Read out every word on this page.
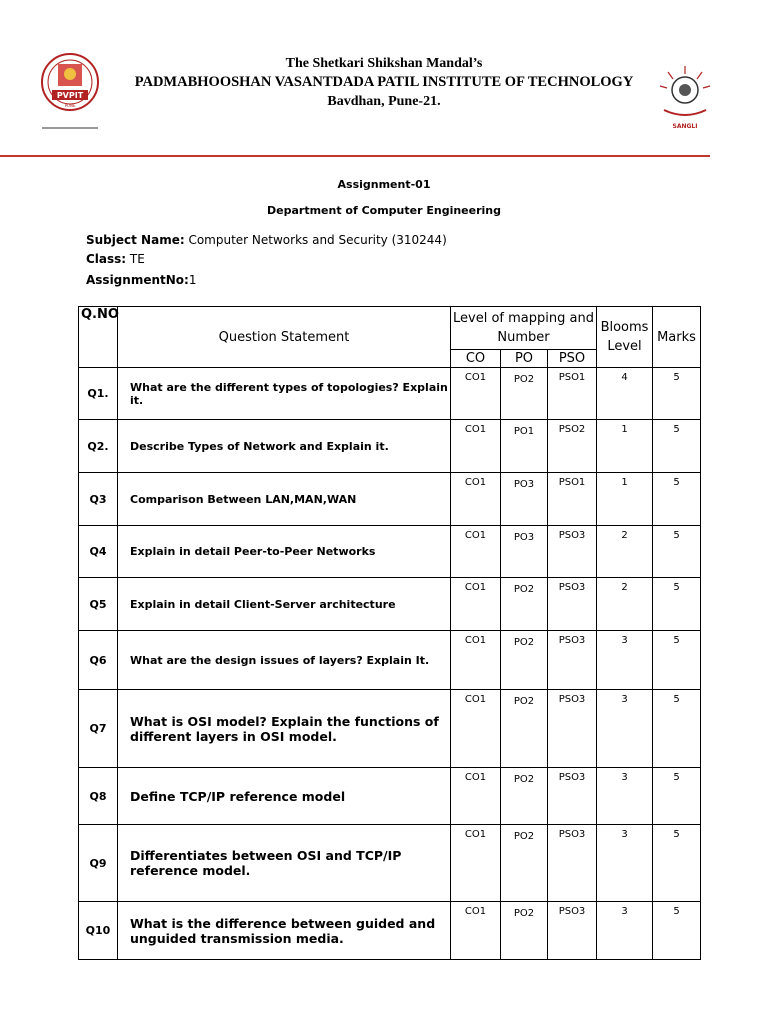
PVPIT
PUNE
SANGLI
The Shetkari Shikshan Mandal’s
PADMABHOOSHAN VASANTDADA PATIL INSTITUTE OF TECHNOLOGY
Bavdhan, Pune-21.
Assignment-01
Department of Computer Engineering
Subject Name: Computer Networks and Security (310244)
Class: TE
AssignmentNo:1
Q.NO	Question Statement	Level of mapping and Number			Blooms Level	Marks
		CO	PO	PSO		
Q1.	What are the different types of topologies? Explain it.	CO1	PO2	PSO1	4	5
Q2.	Describe Types of Network and Explain it.	CO1	PO1	PSO2	1	5
Q3	Comparison Between LAN,MAN,WAN	CO1	PO3	PSO1	1	5
Q4	Explain in detail Peer-to-Peer Networks	CO1	PO3	PSO3	2	5
Q5	Explain in detail Client-Server architecture	CO1	PO2	PSO3	2	5
Q6	What are the design issues of layers? Explain It.	CO1	PO2	PSO3	3	5
Q7	What is OSI model? Explain the functions of different layers in OSI model.	CO1	PO2	PSO3	3	5
Q8	Define TCP/IP reference model	CO1	PO2	PSO3	3	5
Q9	Differentiates between OSI and TCP/IP reference model.	CO1	PO2	PSO3	3	5
Q10	What is the difference between guided and unguided transmission media.	CO1	PO2	PSO3	3	5
